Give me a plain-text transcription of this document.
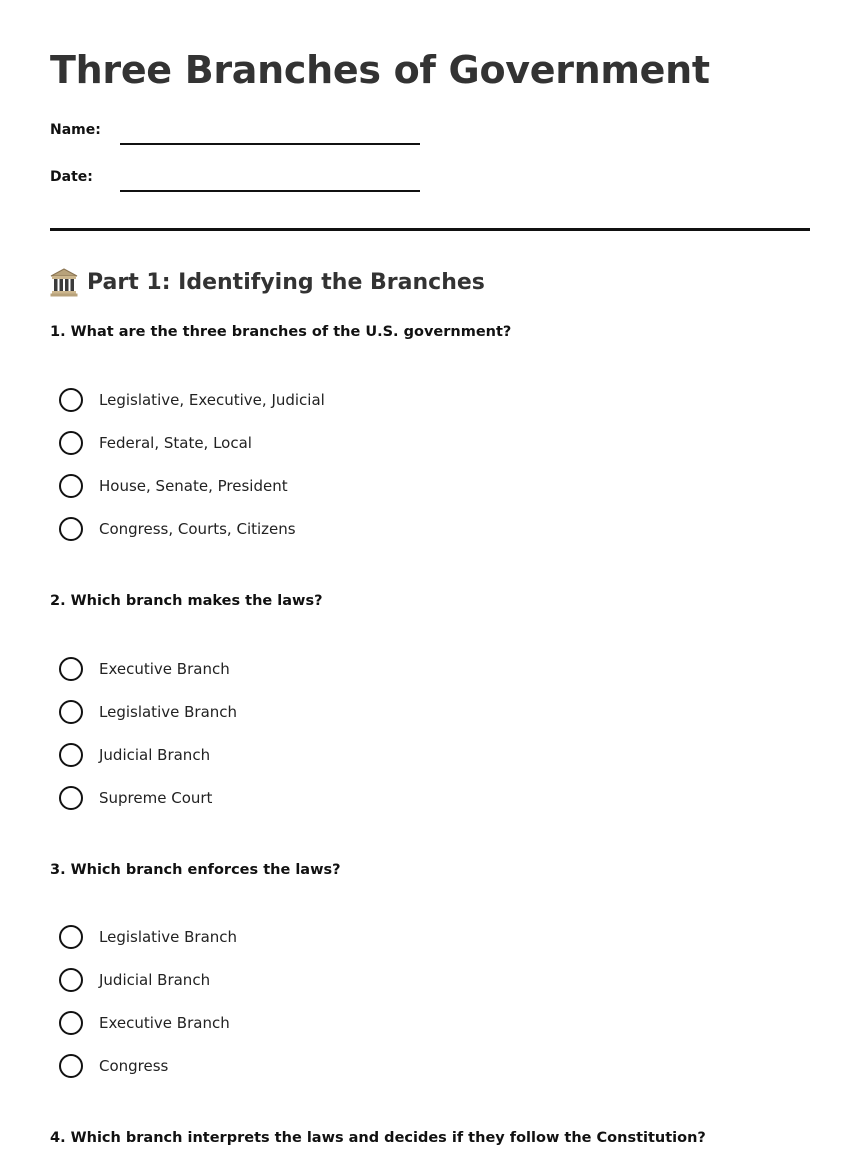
Three Branches of Government
Name:
Date:
Part 1: Identifying the Branches
1. What are the three branches of the U.S. government?
Legislative, Executive, Judicial
Federal, State, Local
House, Senate, President
Congress, Courts, Citizens
2. Which branch makes the laws?
Executive Branch
Legislative Branch
Judicial Branch
Supreme Court
3. Which branch enforces the laws?
Legislative Branch
Judicial Branch
Executive Branch
Congress
4. Which branch interprets the laws and decides if they follow the Constitution?
